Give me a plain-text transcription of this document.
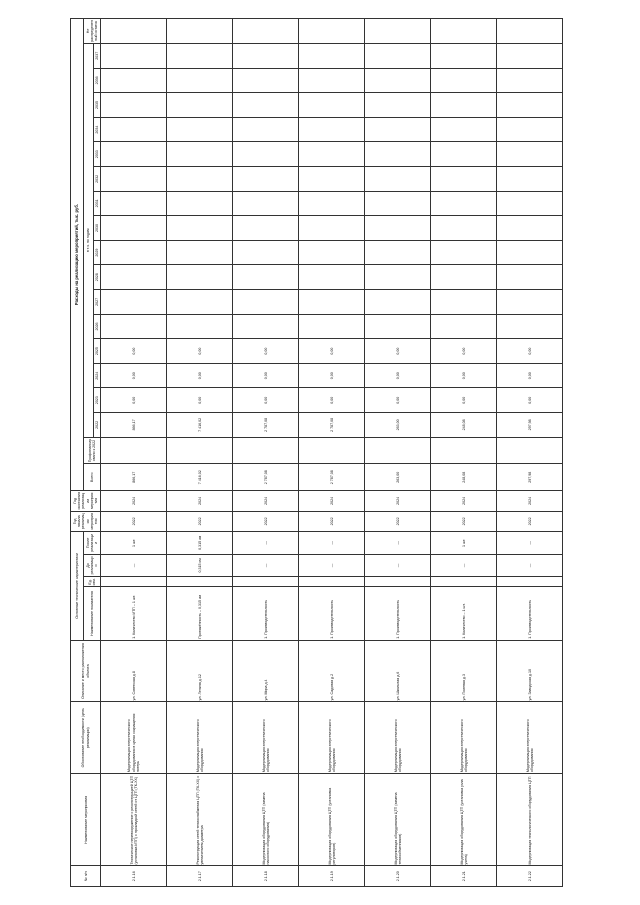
№ п/п	Наименование мероприятия	Обоснование необходимости (цель реализации)	Описание и место расположения объекта	Основные технические характеристики				Год начала реализации мероприятия	Год окончания реализации мероприятия	Расходы на реализацию мероприятий, тыс. руб.																		
				Наименование показателя	Ед. изм.	До реализации	После реализации			Всего	Профинансировано к 2022	в т.ч. по годам																Не распределенный остаток
												2022	2023	2024	2025	2026	2027	2028	2029	2030	2031	2032	2033	2034	2035	2036	2037	
2.1.16	Техническое перевооружение с реконструкцией ЦТП (установка ИТП) с прокладкой сетей от ЦТП (ТК-XX)	Модернизация энергетического оборудования в целях сокращения потерь	ул. Советская д.8	1. Количество ИТП – 1 шт.		—	1 шт.	2022	2024	866,17		866,17	0,00	0,00	0,00													
2.1.17	Реконструкция сетей теплоснабжения ЦТП (ТК-XX) с увеличением диаметра	Модернизация энергетического оборудования	ул. Ленина д.12	Протяжённость – 0,315 км		0,315 км	0,315 км	2022	2024	7 416,02		7 416,02	0,00	0,00	0,00													
2.1.18	Модернизация оборудования ЦТП (замена насосного оборудования)	Модернизация энергетического оборудования	ул. Мира д.4	1. Производительность		—	—	2022	2024	2 787,08		2 787,08	0,00	0,00	0,00													
2.1.19	Модернизация оборудования ЦТП (установка регуляторов)	Модернизация энергетического оборудования	ул. Садовая д.2	1. Производительность		—	—	2022	2024	2 787,08		2 787,08	0,00	0,00	0,00													
2.1.20	Модернизация оборудования ЦТП (замена теплообменников)	Модернизация энергетического оборудования	ул. Школьная д.6	1. Производительность		—	—	2022	2024	263,00		263,00	0,00	0,00	0,00													
2.1.21	Модернизация оборудования ЦТП (установка узла учета)	Модернизация энергетического оборудования	ул. Полевая д.3	1. Количество – 1 шт.		—	1 шт.	2022	2024	248,08		248,08	0,00	0,00	0,00													
2.1.22	Модернизация технологического оборудования ЦТП	Модернизация энергетического оборудования	ул. Заводская д.10	1. Производительность		—	—	2022	2024	297,98		297,98	0,00	0,00	0,00													
